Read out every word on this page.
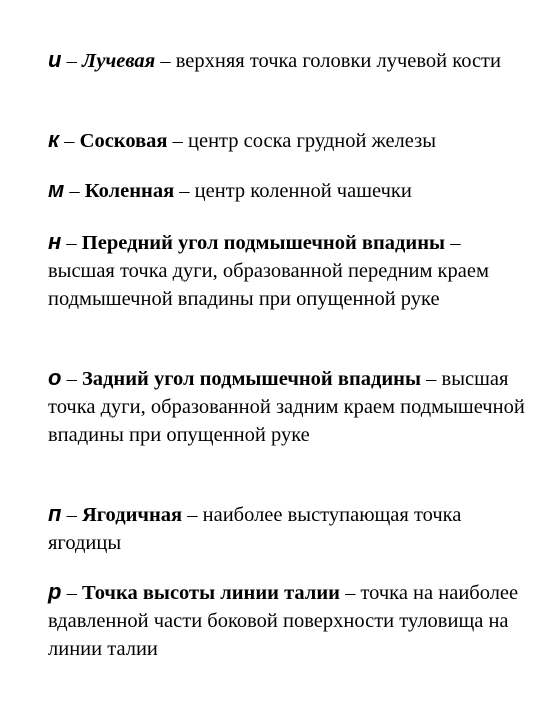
и – Лучевая – верхняя точка головки лучевой кости

к – Сосковая – центр соска грудной железы

м – Коленная – центр коленной чашечки

н – Передний угол подмышечной впадины – высшая точка дуги, образованной передним краем подмышечной впадины при опущенной руке

о – Задний угол подмышечной впадины – высшая точка дуги, образованной задним краем подмышечной впадины при опущенной руке

п – Ягодичная – наиболее выступающая точка ягодицы

р – Точка высоты линии талии – точка на наиболее вдавленной части боковой поверхности туловища на линии талии
